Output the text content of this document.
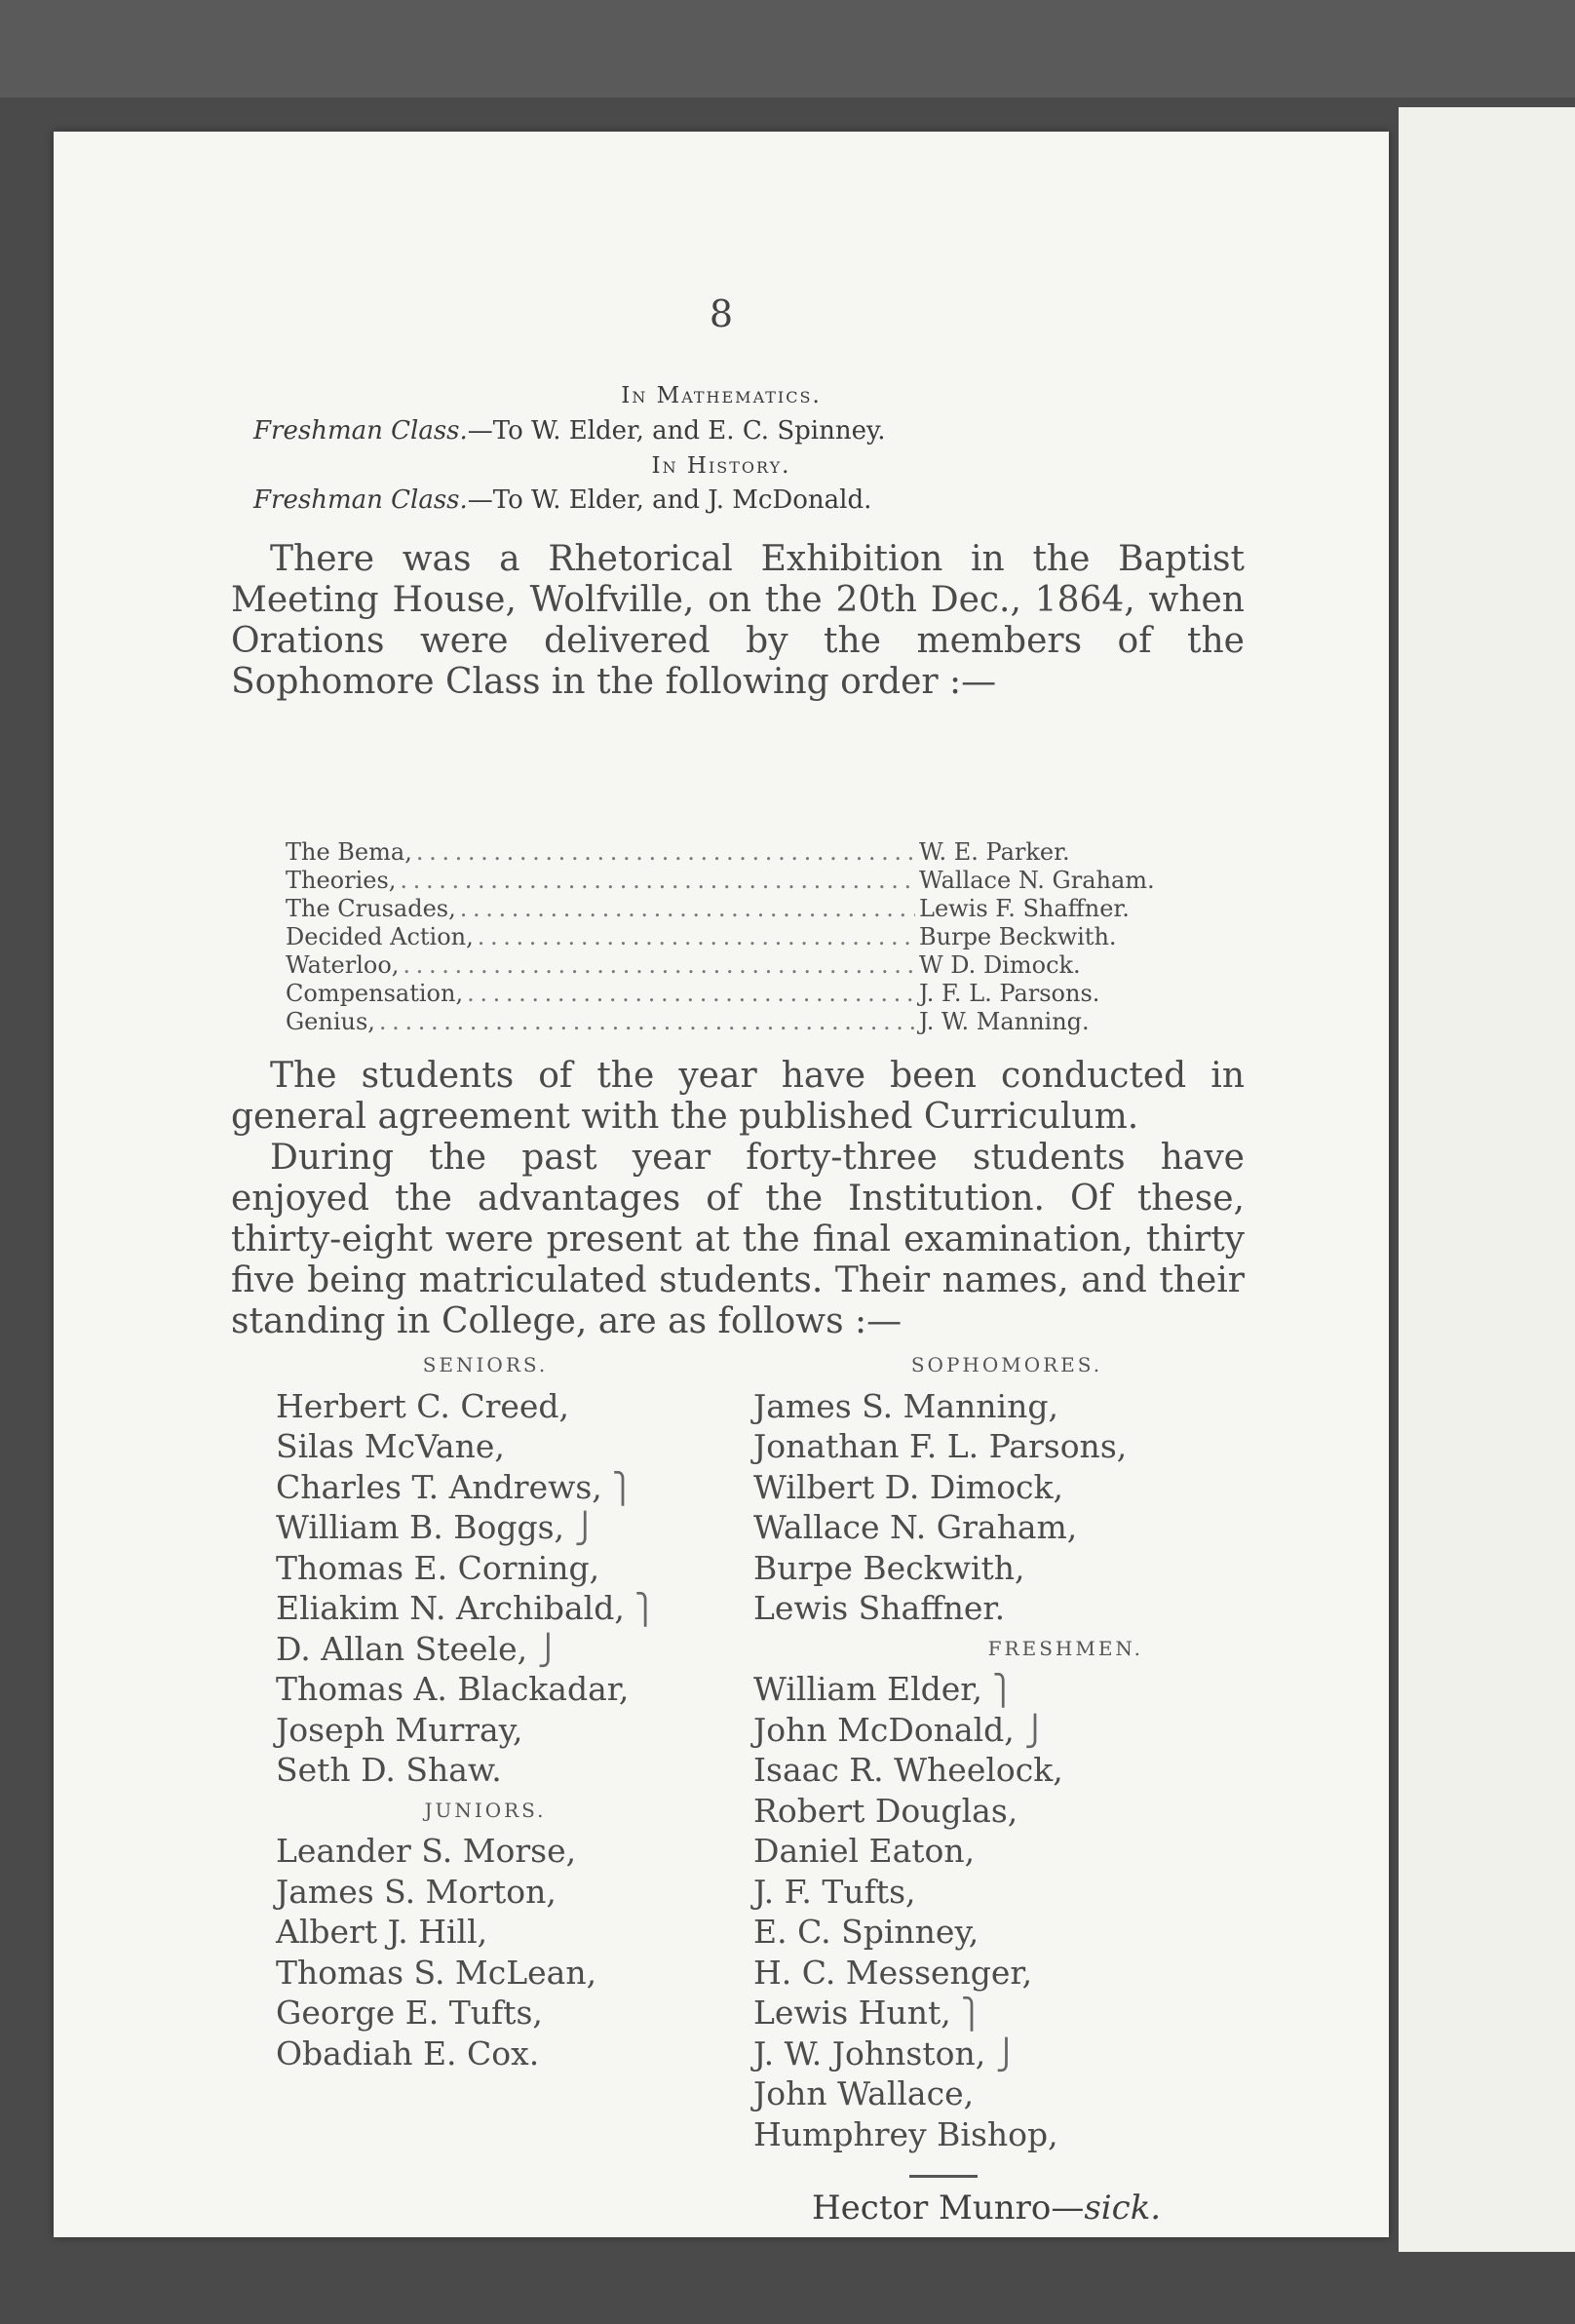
8
In Mathematics.
Freshman Class.—To W. Elder, and E. C. Spinney.
In History.
Freshman Class.—To W. Elder, and J. McDonald.
There was a Rhetorical Exhibition in the Baptist Meeting House, Wolfville, on the 20th Dec., 1864, when Orations were delivered by the members of the Sophomore Class in the following order :—
The Bema, . . .	W. E. Parker.
Theories, . . .	Wallace N. Graham.
The Crusades, . . .	Lewis F. Shaffner.
Decided Action, . . .	Burpe Beckwith.
Waterloo, . . .	W D. Dimock.
Compensation, . . .	J. F. L. Parsons.
Genius, . . .	J. W. Manning.
The students of the year have been conducted in general agreement with the published Curriculum.
During the past year forty-three students have enjoyed the advantages of the Institution. Of these, thirty-eight were present at the final examination, thirty five being matriculated students. Their names, and their standing in College, are as follows :—
SENIORS.
Herbert C. Creed,
Silas McVane,
Charles T. Andrews, ⎫
William B. Boggs, ⎭
Thomas E. Corning,
Eliakim N. Archibald, ⎫
D. Allan Steele, ⎭
Thomas A. Blackadar,
Joseph Murray,
Seth D. Shaw.
JUNIORS.
Leander S. Morse,
James S. Morton,
Albert J. Hill,
Thomas S. McLean,
George E. Tufts,
Obadiah E. Cox.
SOPHOMORES.
James S. Manning,
Jonathan F. L. Parsons,
Wilbert D. Dimock,
Wallace N. Graham,
Burpe Beckwith,
Lewis Shaffner.
FRESHMEN.
William Elder, ⎫
John McDonald, ⎭
Isaac R. Wheelock,
Robert Douglas,
Daniel Eaton,
J. F. Tufts,
E. C. Spinney,
H. C. Messenger,
Lewis Hunt, ⎫
J. W. Johnston, ⎭
John Wallace,
Humphrey Bishop,
Hector Munro—sick.
